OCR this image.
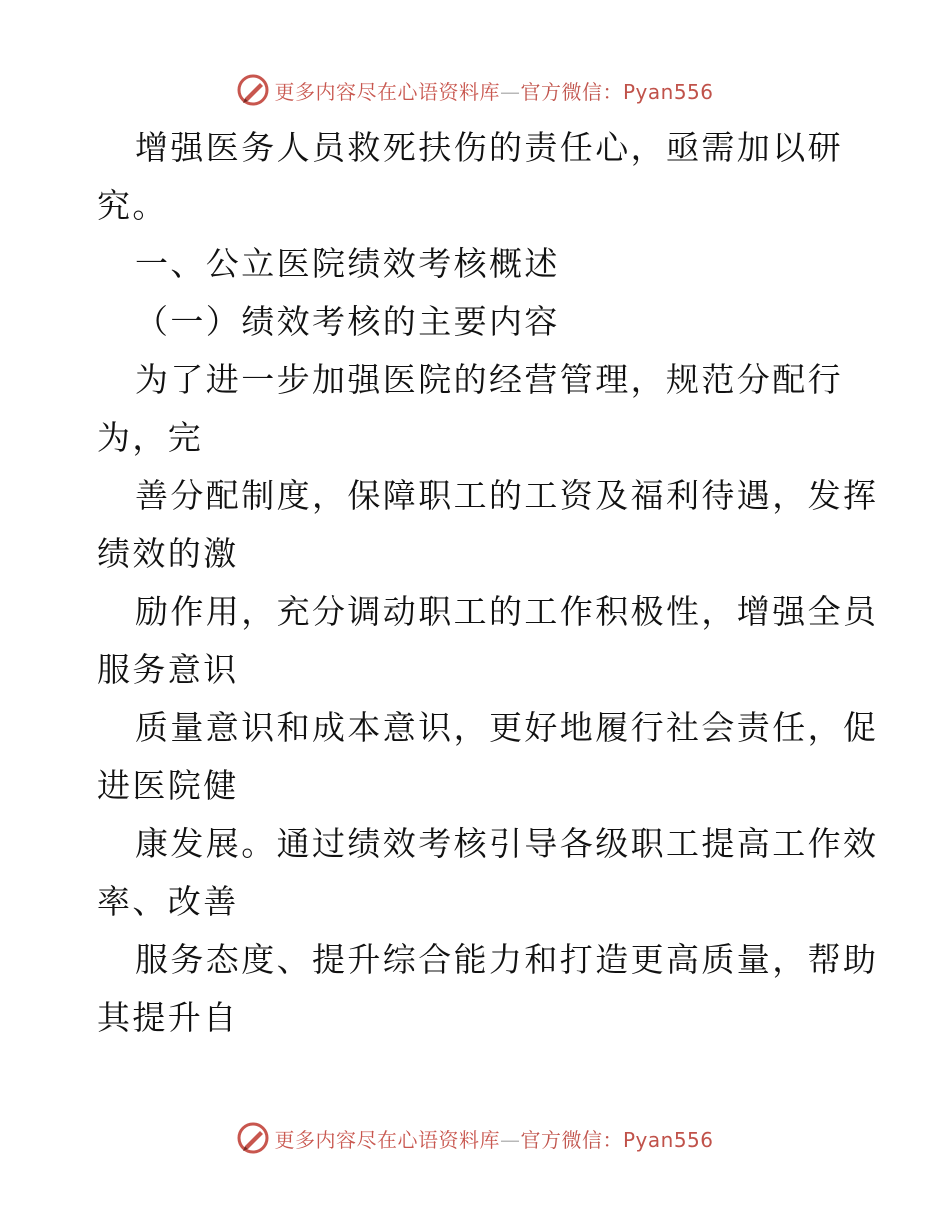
更多内容尽在心语资料库—官方微信：Pyan556
增强医务人员救死扶伤的责任心，亟需加以研
究。
一、公立医院绩效考核概述
（一）绩效考核的主要内容
为了进一步加强医院的经营管理，规范分配行
为，完
善分配制度，保障职工的工资及福利待遇，发挥
绩效的激
励作用，充分调动职工的工作积极性，增强全员
服务意识
质量意识和成本意识，更好地履行社会责任，促
进医院健
康发展。通过绩效考核引导各级职工提高工作效
率、改善
服务态度、提升综合能力和打造更高质量，帮助
其提升自
更多内容尽在心语资料库—官方微信：Pyan556
